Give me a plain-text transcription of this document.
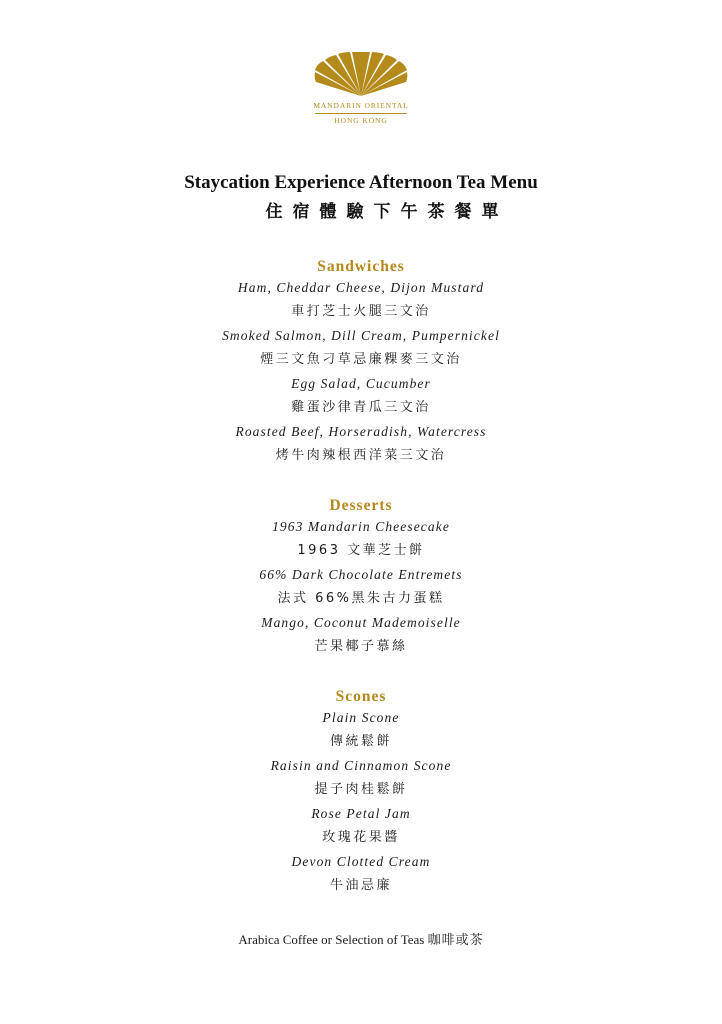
MANDARIN ORIENTAL
HONG KONG
Staycation Experience Afternoon Tea Menu
住宿體驗下午茶餐單
Sandwiches
Ham, Cheddar Cheese, Dijon Mustard
車打芝士火腿三文治
Smoked Salmon, Dill Cream, Pumpernickel
煙三文魚刁草忌廉粿麥三文治
Egg Salad, Cucumber
雞蛋沙律青瓜三文治
Roasted Beef, Horseradish, Watercress
烤牛肉辣根西洋菜三文治
Desserts
1963 Mandarin Cheesecake
1963 文華芝士餅
66% Dark Chocolate Entremets
法式 66%黑朱古力蛋糕
Mango, Coconut Mademoiselle
芒果椰子慕絲
Scones
Plain Scone
傳統鬆餅
Raisin and Cinnamon Scone
提子肉桂鬆餅
Rose Petal Jam
玫瑰花果醬
Devon Clotted Cream
牛油忌廉
Arabica Coffee or Selection of Teas 咖啡或茶
